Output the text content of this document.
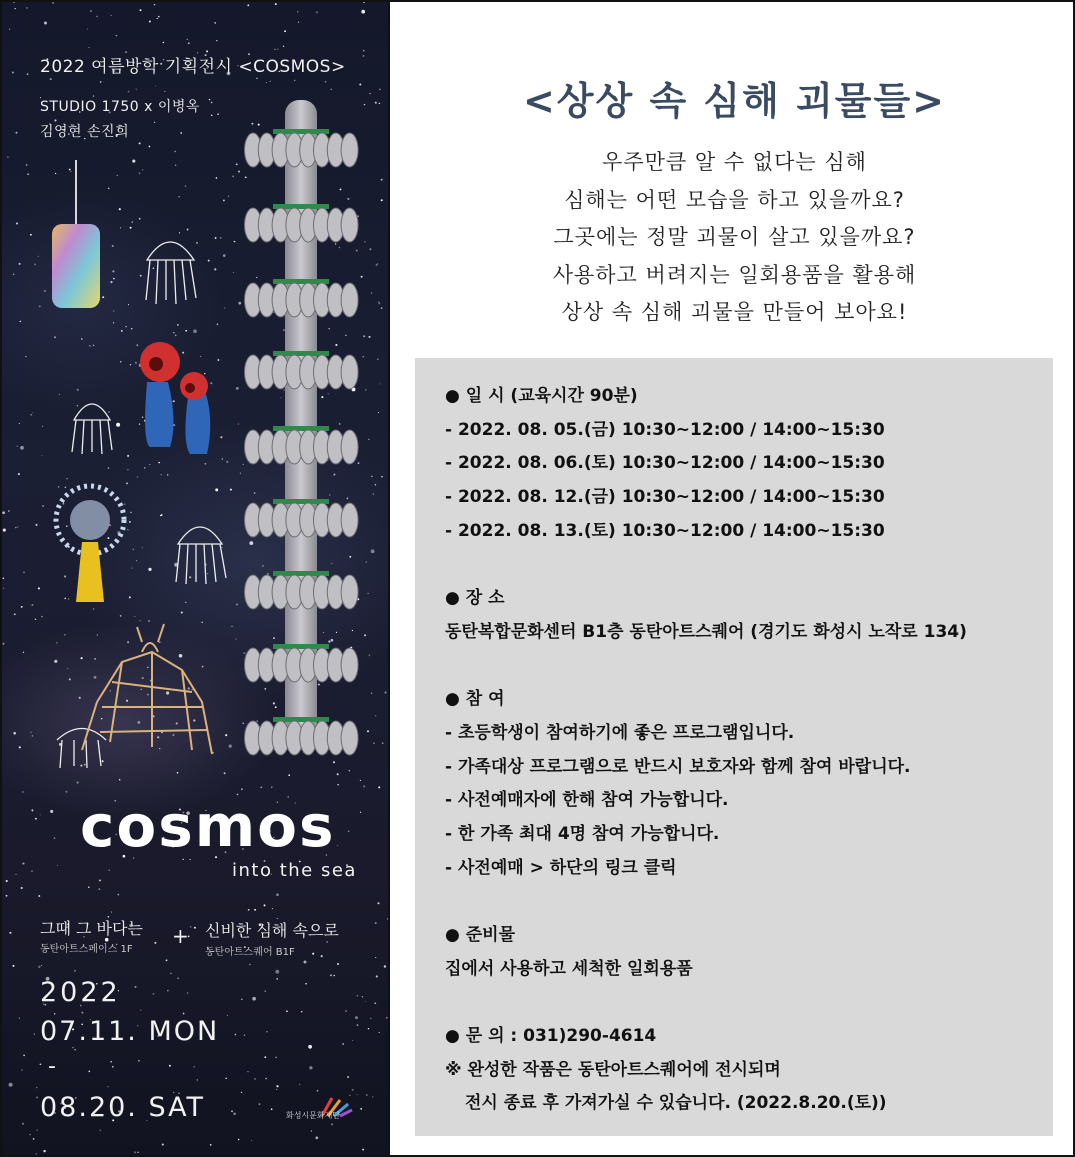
2022 여름방학 기획전시 <COSMOS>
STUDIO 1750 x 이병옥
김영현 손진희
cosmos
into the sea
그때 그 바다는
동탄아트스페이스 1F
+ 신비한 심해 속으로
동탄아트스퀘어 B1F
2022
07.11. MON
-
08.20. SAT	화성시문화재단
<상상 속 심해 괴물들>
우주만큼 알 수 없다는 심해
심해는 어떤 모습을 하고 있을까요?
그곳에는 정말 괴물이 살고 있을까요?
사용하고 버려지는 일회용품을 활용해
상상 속 심해 괴물을 만들어 보아요!
● 일 시 (교육시간 90분)
- 2022. 08. 05.(금) 10:30~12:00 / 14:00~15:30
- 2022. 08. 06.(토) 10:30~12:00 / 14:00~15:30
- 2022. 08. 12.(금) 10:30~12:00 / 14:00~15:30
- 2022. 08. 13.(토) 10:30~12:00 / 14:00~15:30
● 장 소
동탄복합문화센터 B1층 동탄아트스퀘어 (경기도 화성시 노작로 134)
● 참 여
- 초등학생이 참여하기에 좋은 프로그램입니다.
- 가족대상 프로그램으로 반드시 보호자와 함께 참여 바랍니다.
- 사전예매자에 한해 참여 가능합니다.
- 한 가족 최대 4명 참여 가능합니다.
- 사전예매 > 하단의 링크 클릭
● 준비물
집에서 사용하고 세척한 일회용품
● 문 의 : 031)290-4614
※ 완성한 작품은 동탄아트스퀘어에 전시되며
전시 종료 후 가져가실 수 있습니다. (2022.8.20.(토))
